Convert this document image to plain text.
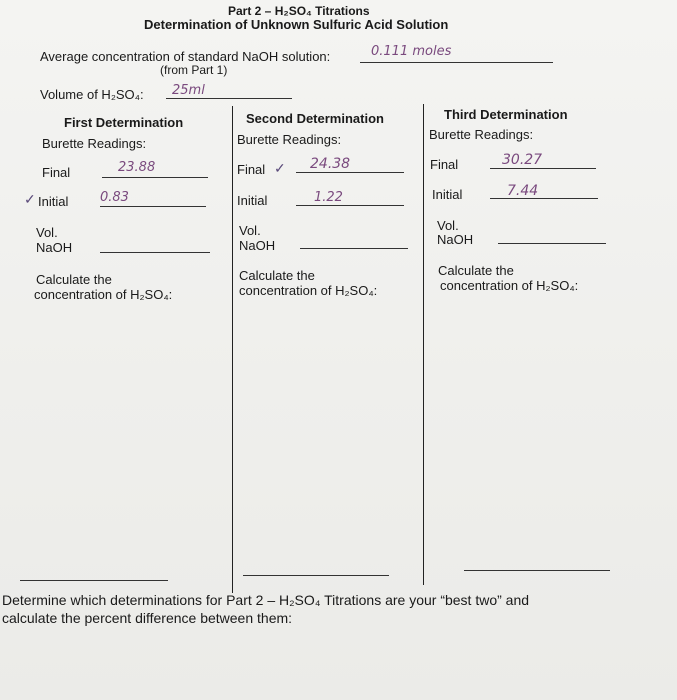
Part 2 – H₂SO₄ Titrations
Determination of Unknown Sulfuric Acid Solution
Average concentration of standard NaOH solution:	0.111 moles
(from Part 1)
Volume of H₂SO₄: 25ml
First Determination
Burette Readings:
Final	23.88
✓ Initial 0.83
Vol.
NaOH
Calculate the
concentration of H₂SO₄:
Second Determination
Burette Readings:
Final ✓ 24.38
Initial	1.22
Vol.
NaOH
Calculate the
concentration of H₂SO₄:
Third Determination
Burette Readings:
Final	30.27
Initial	7.44
Vol.
NaOH
Calculate the
concentration of H₂SO₄:
Determine which determinations for Part 2 – H₂SO₄ Titrations are your “best two” and
calculate the percent difference between them:
